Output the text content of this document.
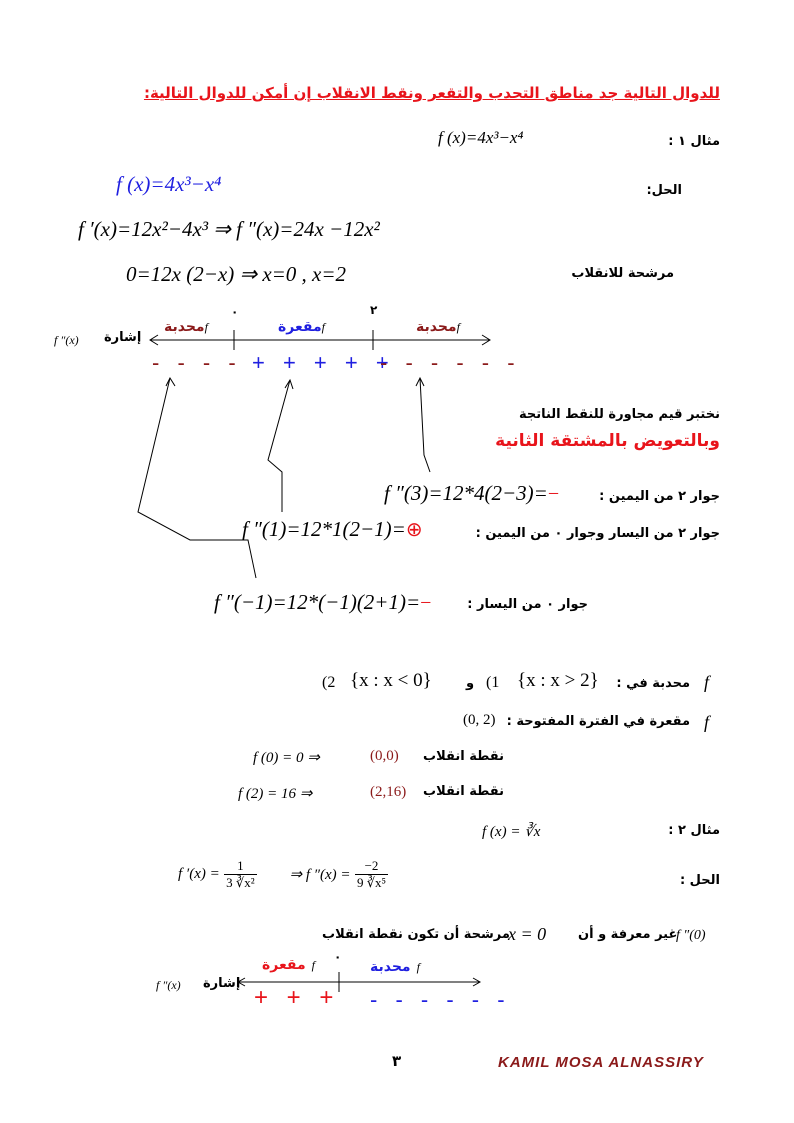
للدوال التالية جد مناطق التحدب والتقعر ونقط الانقلاب إن أمكن للدوال التالية:
مثال ١ :
f (x)=4x³−x⁴
الحل:
f (x)=4x³−x⁴
f ′(x)=12x²−4x³ ⇒ f ″(x)=24x −12x²
مرشحة للانقلاب
0=12x (2−x) ⇒ x=0 , x=2
f ″(x) إشارة
٠	٢
محدبةf	مقعرةf	محدبةf
- - - - + + + + +
- - - - - -
نختبر قيم مجاورة للنقط الناتجة
وبالتعويض بالمشتقة الثانية
جوار ٢ من اليمين :
f ″(3)=12*4(2−3)=−
جوار ٢ من اليسار وجوار ٠ من اليمين :
f ″(1)=12*1(2−1)=⊕
جوار ٠ من اليسار :
f ″(−1)=12*(−1)(2+1)=−
f
محدبة في :
{x : x > 2}
(1
و
{x : x < 0}
(2
f
مقعرة في الفترة المفتوحة :
(0, 2)
نقطة انقلاب
(0,0)
f (0) = 0 ⇒
نقطة انقلاب
(2,16)
f (2) = 16 ⇒
مثال ٢ :
f (x) = ∛x
الحل :
f $'(x) = \frac{1}{\text{3 ∛x²}}$ ⇒ f $''(x) = \frac{-2}{\text{9 ∛x⁵}}$
f ″(0)
غير معرفة و أن
x = 0
مرشحة أن تكون نقطة انقلاب
f ″(x) إشارة
٠
مقعرة f	محدبة f
+ + + - - - - - -
٣	KAMIL MOSA ALNASSIRY
